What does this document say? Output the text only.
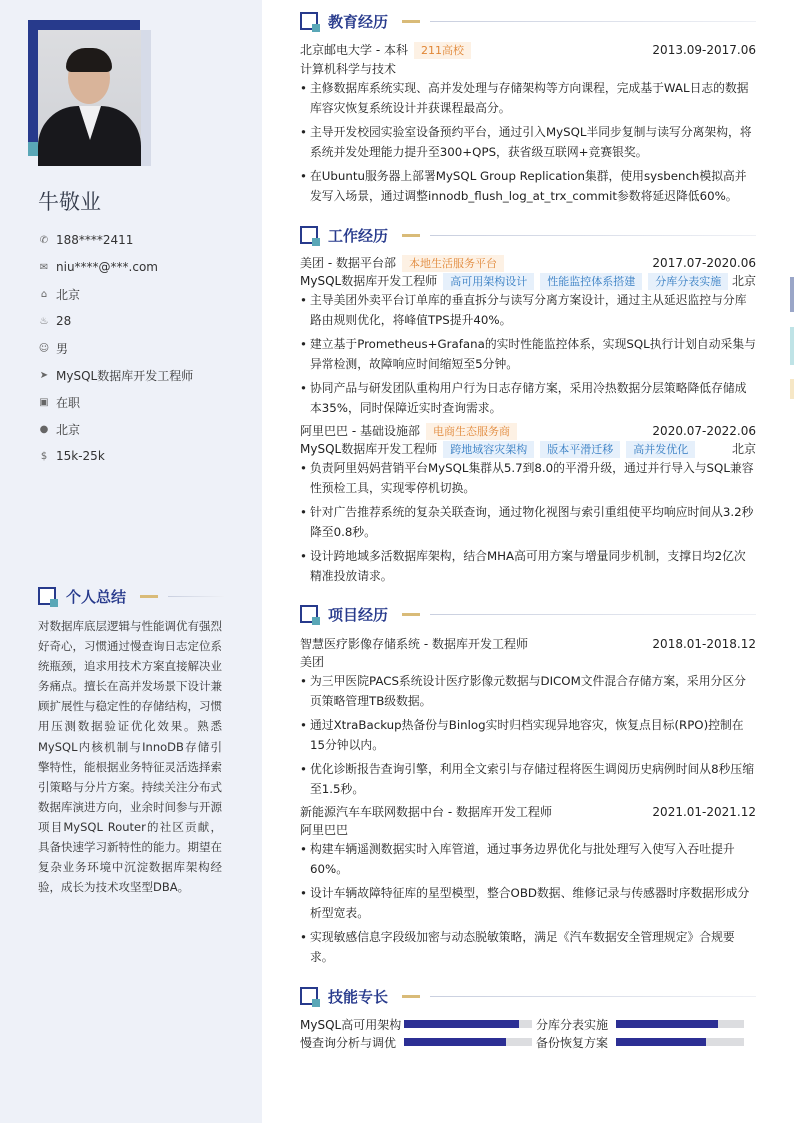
牛敬业
✆ 188****2411
✉ niu****@***.com
⌂ 北京
♨ 28
☺ 男
➤ MySQL数据库开发工程师
▣ 在职
● 北京
$ 15k-25k
个人总结
对数据库底层逻辑与性能调优有强烈好奇心，习惯通过慢查询日志定位系统瓶颈，追求用技术方案直接解决业务痛点。擅长在高并发场景下设计兼顾扩展性与稳定性的存储结构，习惯用压测数据验证优化效果。熟悉MySQL内核机制与InnoDB存储引擎特性，能根据业务特征灵活选择索引策略与分片方案。持续关注分布式数据库演进方向，业余时间参与开源项目MySQL Router的社区贡献，具备快速学习新特性的能力。期望在复杂业务环境中沉淀数据库架构经验，成长为技术攻坚型DBA。
教育经历
北京邮电大学 - 本科	211高校	2013.09-2017.06
计算机科学与技术
• 主修数据库系统实现、高并发处理与存储架构等方向课程，完成基于WAL日志的数据库容灾恢复系统设计并获课程最高分。
• 主导开发校园实验室设备预约平台，通过引入MySQL半同步复制与读写分离架构，将系统并发处理能力提升至300+QPS，获省级互联网+竞赛银奖。
• 在Ubuntu服务器上部署MySQL Group Replication集群，使用sysbench模拟高并发写入场景，通过调整innodb_flush_log_at_trx_commit参数将延迟降低60%。
工作经历
美团 - 数据平台部	本地生活服务平台	2017.07-2020.06
MySQL数据库开发工程师	高可用架构设计	性能监控体系搭建	分库分表实施 北京
• 主导美团外卖平台订单库的垂直拆分与读写分离方案设计，通过主从延迟监控与分库路由规则优化，将峰值TPS提升40%。
• 建立基于Prometheus+Grafana的实时性能监控体系，实现SQL执行计划自动采集与异常检测，故障响应时间缩短至5分钟。
• 协同产品与研发团队重构用户行为日志存储方案，采用冷热数据分层策略降低存储成本35%，同时保障近实时查询需求。
阿里巴巴 - 基础设施部	电商生态服务商	2020.07-2022.06
MySQL数据库开发工程师	跨地域容灾架构	版本平滑迁移	高并发优化	北京
• 负责阿里妈妈营销平台MySQL集群从5.7到8.0的平滑升级，通过并行导入与SQL兼容性预检工具，实现零停机切换。
• 针对广告推荐系统的复杂关联查询，通过物化视图与索引重组使平均响应时间从3.2秒降至0.8秒。
• 设计跨地域多活数据库架构，结合MHA高可用方案与增量同步机制，支撑日均2亿次精准投放请求。
项目经历
智慧医疗影像存储系统 - 数据库开发工程师	2018.01-2018.12
美团
• 为三甲医院PACS系统设计医疗影像元数据与DICOM文件混合存储方案，采用分区分页策略管理TB级数据。
• 通过XtraBackup热备份与Binlog实时归档实现异地容灾，恢复点目标(RPO)控制在15分钟以内。
• 优化诊断报告查询引擎，利用全文索引与存储过程将医生调阅历史病例时间从8秒压缩至1.5秒。
新能源汽车车联网数据中台 - 数据库开发工程师	2021.01-2021.12
阿里巴巴
• 构建车辆遥测数据实时入库管道，通过事务边界优化与批处理写入使写入吞吐提升60%。
• 设计车辆故障特征库的星型模型，整合OBD数据、维修记录与传感器时序数据形成分析型宽表。
• 实现敏感信息字段级加密与动态脱敏策略，满足《汽车数据安全管理规定》合规要求。
技能专长
MySQL高可用架构	分库分表实施
慢查询分析与调优	备份恢复方案
